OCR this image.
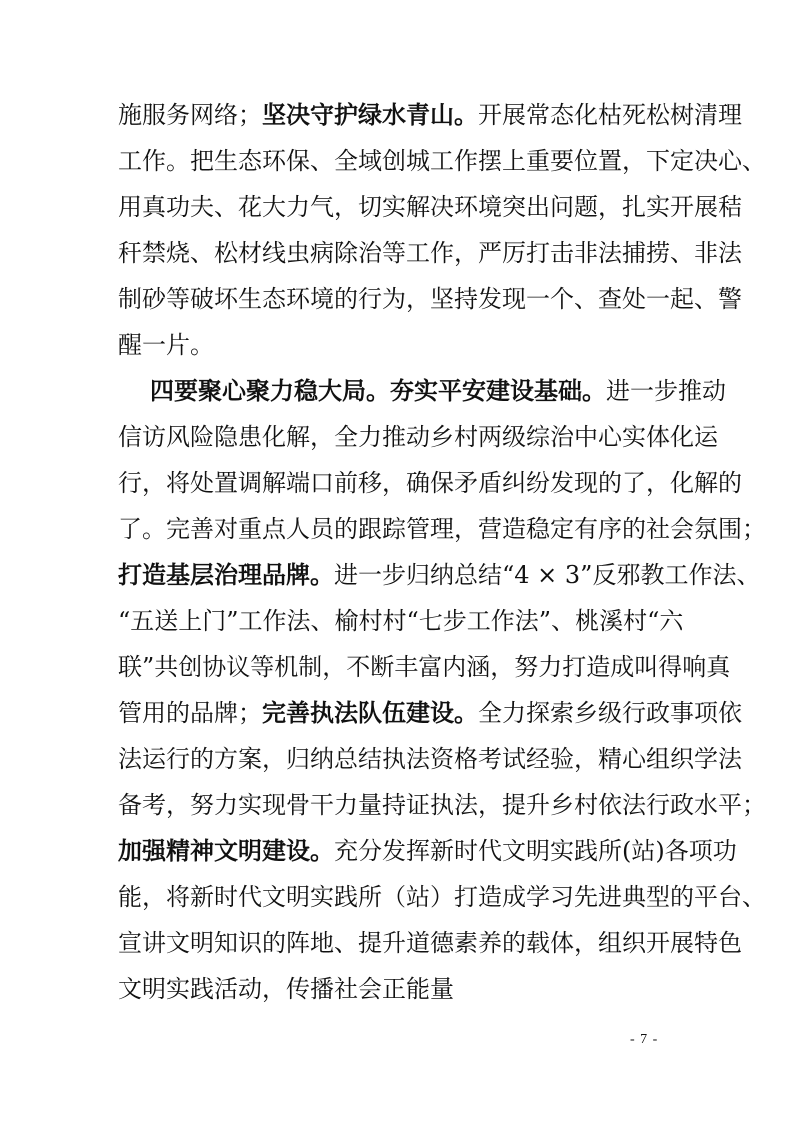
施服务网络；坚决守护绿水青山。开展常态化枯死松树清理
工作。把生态环保、全域创城工作摆上重要位置，下定决心、
用真功夫、花大力气，切实解决环境突出问题，扎实开展秸
秆禁烧、松材线虫病除治等工作，严厉打击非法捕捞、非法
制砂等破坏生态环境的行为，坚持发现一个、查处一起、警
醒一片。
四要聚心聚力稳大局。夯实平安建设基础。进一步推动
信访风险隐患化解，全力推动乡村两级综治中心实体化运
行，将处置调解端口前移，确保矛盾纠纷发现的了，化解的
了。完善对重点人员的跟踪管理，营造稳定有序的社会氛围；
打造基层治理品牌。进一步归纳总结“4 × 3”反邪教工作法、
“五送上门”工作法、榆村村“七步工作法”、桃溪村“六
联”共创协议等机制，不断丰富内涵，努力打造成叫得响真
管用的品牌；完善执法队伍建设。全力探索乡级行政事项依
法运行的方案，归纳总结执法资格考试经验，精心组织学法
备考，努力实现骨干力量持证执法，提升乡村依法行政水平；
加强精神文明建设。充分发挥新时代文明实践所(站)各项功
能，将新时代文明实践所（站）打造成学习先进典型的平台、
宣讲文明知识的阵地、提升道德素养的载体，组织开展特色
文明实践活动，传播社会正能量
- 7 -
